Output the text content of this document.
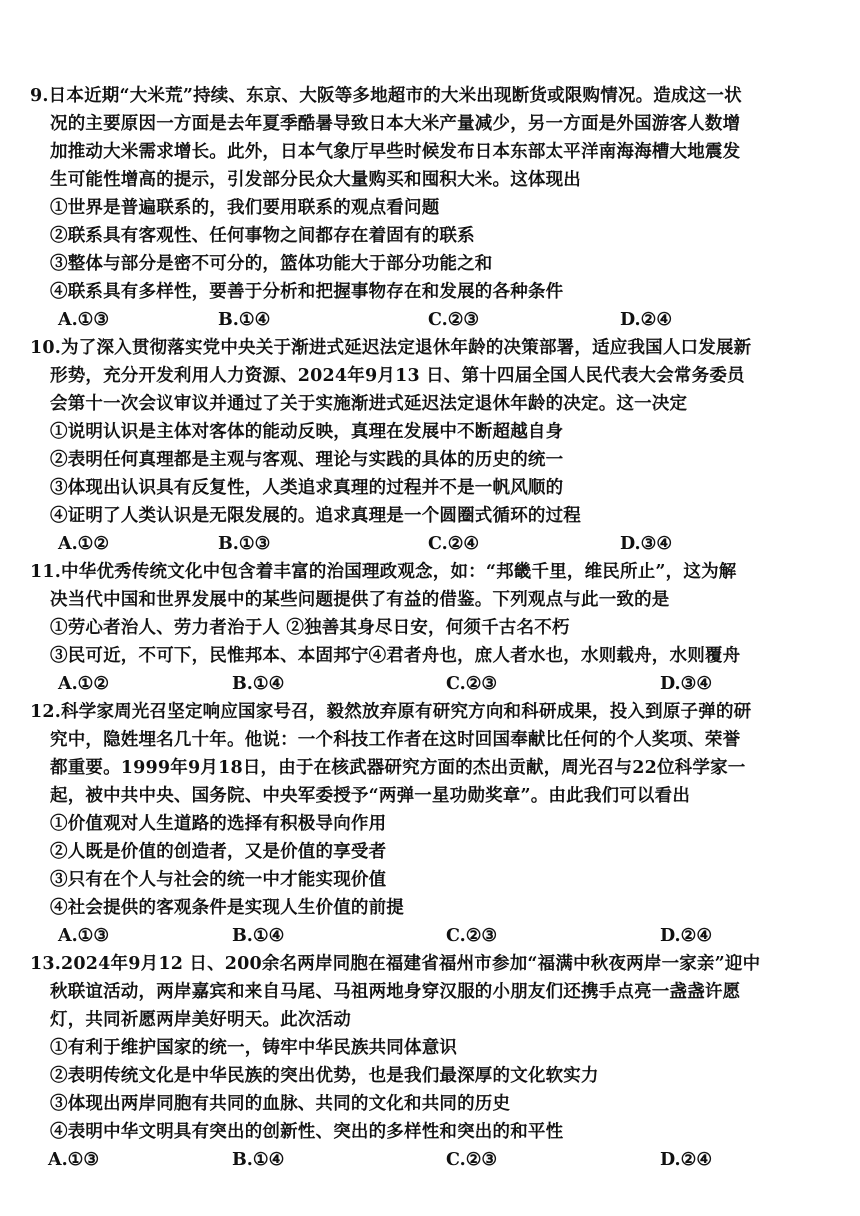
9.日本近期“大米荒”持续、东京、大阪等多地超市的大米出现断货或限购情况。造成这一状
况的主要原因一方面是去年夏季酷暑导致日本大米产量减少，另一方面是外国游客人数增
加推动大米需求增长。此外，日本气象厅早些时候发布日本东部太平洋南海海槽大地震发
生可能性增高的提示，引发部分民众大量购买和囤积大米。这体现出
①世界是普遍联系的，我们要用联系的观点看问题
②联系具有客观性、任何事物之间都存在着固有的联系
③整体与部分是密不可分的，篮体功能大于部分功能之和
④联系具有多样性，要善于分析和把握事物存在和发展的各种条件
A.①③	B.①④	C.②③	D.②④
10.为了深入贯彻落实党中央关于渐进式延迟法定退休年龄的决策部署，适应我国人口发展新
形势，充分开发利用人力资源、2024年9月13 日、第十四届全国人民代表大会常务委员
会第十一次会议审议并通过了关于实施渐进式延迟法定退休年龄的决定。这一决定
①说明认识是主体对客体的能动反映，真理在发展中不断超越自身
②表明任何真理都是主观与客观、理论与实践的具体的历史的统一
③体现出认识具有反复性，人类追求真理的过程并不是一帆风顺的
④证明了人类认识是无限发展的。追求真理是一个圆圈式循环的过程
A.①②	B.①③	C.②④	D.③④
11.中华优秀传统文化中包含着丰富的治国理政观念，如：“邦畿千里，维民所止”，这为解
决当代中国和世界发展中的某些问题提供了有益的借鉴。下列观点与此一致的是
①劳心者治人、劳力者治于人 ②独善其身尽日安，何须千古名不朽
③民可近，不可下，民惟邦本、本固邦宁④君者舟也，庶人者水也，水则载舟，水则覆舟
A.①②	B.①④	C.②③	D.③④
12.科学家周光召坚定响应国家号召，毅然放弃原有研究方向和科研成果，投入到原子弹的研
究中，隐姓埋名几十年。他说：一个科技工作者在这时回国奉献比任何的个人奖项、荣誉
都重要。1999年9月18日，由于在核武器研究方面的杰出贡献，周光召与22位科学家一
起，被中共中央、国务院、中央军委授予“两弹一星功勋奖章”。由此我们可以看出
①价值观对人生道路的选择有积极导向作用
②人既是价值的创造者，又是价值的享受者
③只有在个人与社会的统一中才能实现价值
④社会提供的客观条件是实现人生价值的前提
A.①③	B.①④	C.②③	D.②④
13.2024年9月12 日、200余名两岸同胞在福建省福州市参加“福满中秋夜两岸一家亲”迎中
秋联谊活动，两岸嘉宾和来自马尾、马祖两地身穿汉服的小朋友们还携手点亮一盏盏许愿
灯，共同祈愿两岸美好明天。此次活动
①有利于维护国家的统一，铸牢中华民族共同体意识
②表明传统文化是中华民族的突出优势，也是我们最深厚的文化软实力
③体现出两岸同胞有共同的血脉、共同的文化和共同的历史
④表明中华文明具有突出的创新性、突出的多样性和突出的和平性
A.①③	B.①④	C.②③	D.②④
